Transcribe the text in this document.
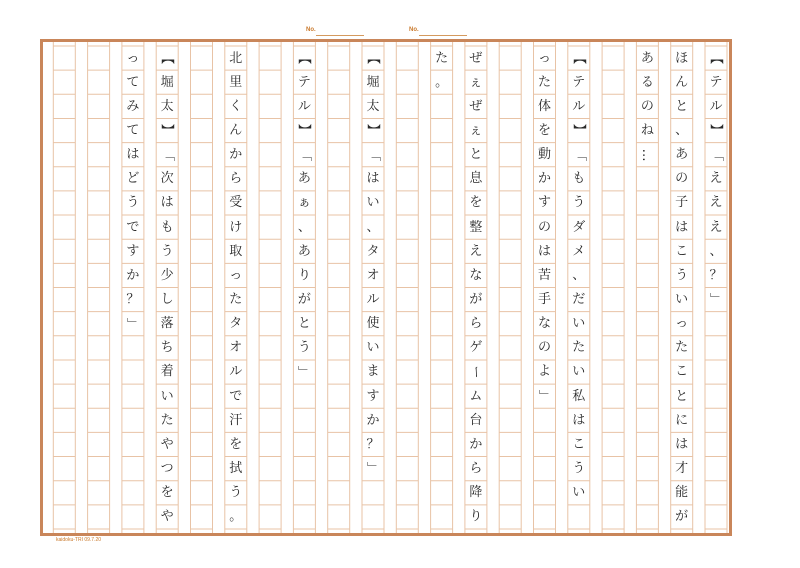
No.	No.
【
テ
ル
】
「
え
え
え
、
？
」
ほ
ん
と
、
あ
の
子
は
こ
う
い
っ
た
こ
と
に
は
才
能
が
あ
る
の
ね
…
【
テ
ル
】
「
も
う
ダ
メ
、
だ
い
た
い
私
は
こ
う
い
っ
た
体
を
動
か
す
の
は
苦
手
な
の
よ
」
ぜ
ぇ
ぜ
ぇ
と
息
を
整
え
な
が
ら
ゲ
ー
ム
台
か
ら
降
り
た
。
【
堀
太
】
「
は
い
、
タ
オ
ル
使
い
ま
す
か
？
」
【
テ
ル
】
「
あ
ぁ
、
あ
り
が
と
う
」
北
里
く
ん
か
ら
受
け
取
っ
た
タ
オ
ル
で
汗
を
拭
う
。
【
堀
太
】
「
次
は
も
う
少
し
落
ち
着
い
た
や
つ
を
や
っ
て
み
て
は
ど
う
で
す
か
？
」
kaidoku-TRI 09.7.20
